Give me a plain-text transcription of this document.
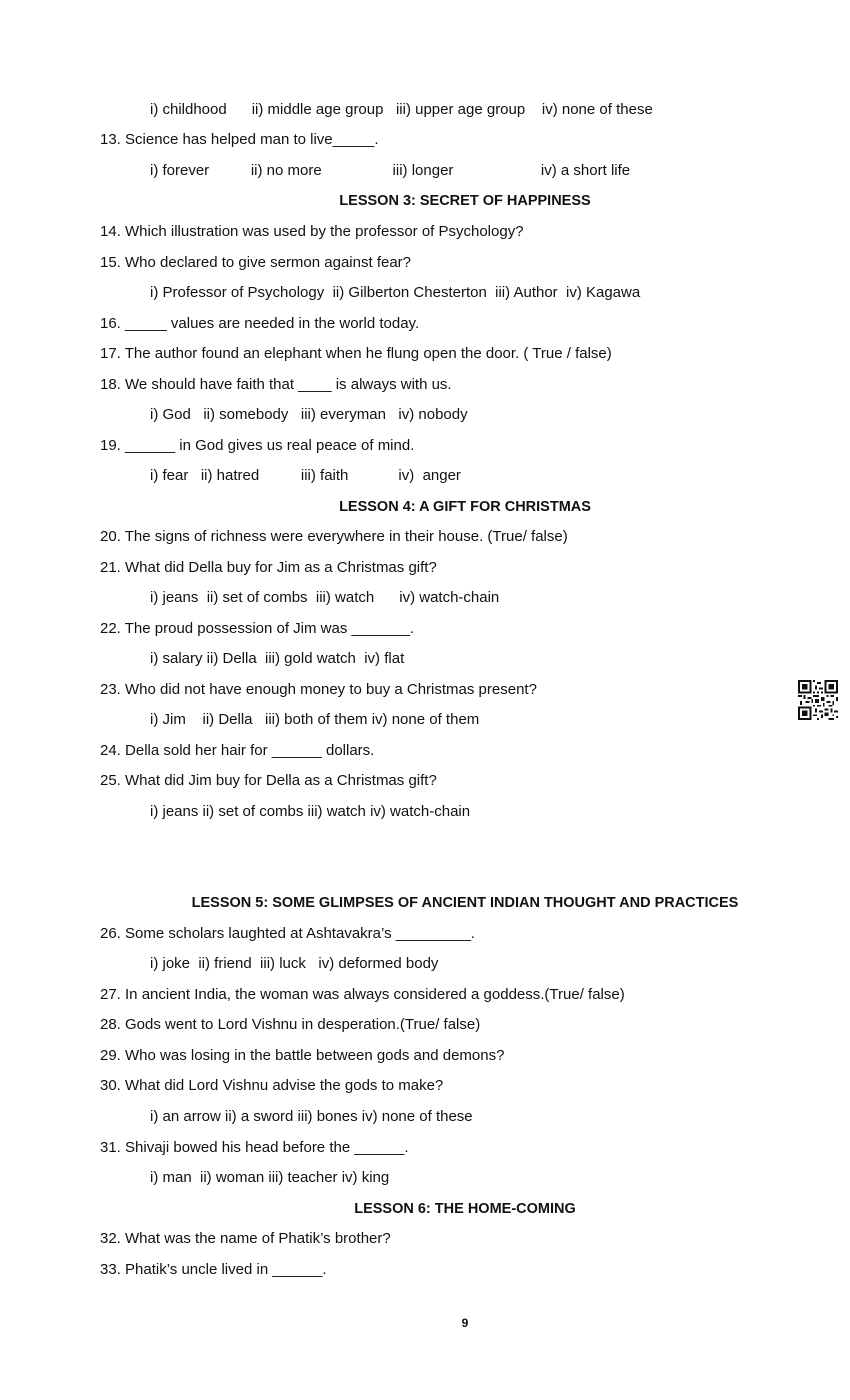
i) childhood      ii) middle age group   iii) upper age group    iv) none of these
13. Science has helped man to live_____.
i) forever          ii) no more                 iii) longer                     iv) a short life
LESSON 3: SECRET OF HAPPINESS
14. Which illustration was used by the professor of Psychology?
15. Who declared to give sermon against fear?
i) Professor of Psychology  ii) Gilberton Chesterton  iii) Author  iv) Kagawa
16. _____ values are needed in the world today.
17. The author found an elephant when he flung open the door. ( True / false)
18. We should have faith that ____ is always with us.
i) God   ii) somebody   iii) everyman   iv) nobody
19. ______ in God gives us real peace of mind.
i) fear   ii) hatred          iii) faith            iv)  anger
LESSON 4: A GIFT FOR CHRISTMAS
20. The signs of richness were everywhere in their house. (True/ false)
21. What did Della buy for Jim as a Christmas gift?
i) jeans  ii) set of combs  iii) watch      iv) watch-chain
22. The proud possession of Jim was _______.
i) salary ii) Della  iii) gold watch  iv) flat
23. Who did not have enough money to buy a Christmas present?
i) Jim    ii) Della   iii) both of them iv) none of them
24. Della sold her hair for ______ dollars.
25. What did Jim buy for Della as a Christmas gift?
i) jeans ii) set of combs iii) watch iv) watch-chain
LESSON 5: SOME GLIMPSES OF ANCIENT INDIAN THOUGHT AND PRACTICES
26. Some scholars laughted at Ashtavakra’s _________.
i) joke  ii) friend  iii) luck   iv) deformed body
27. In ancient India, the woman was always considered a goddess.(True/ false)
28. Gods went to Lord Vishnu in desperation.(True/ false)
29. Who was losing in the battle between gods and demons?
30. What did Lord Vishnu advise the gods to make?
i) an arrow ii) a sword iii) bones iv) none of these
31. Shivaji bowed his head before the ______.
i) man  ii) woman iii) teacher iv) king
LESSON 6: THE HOME-COMING
32. What was the name of Phatik’s brother?
33. Phatik’s uncle lived in ______.
9
